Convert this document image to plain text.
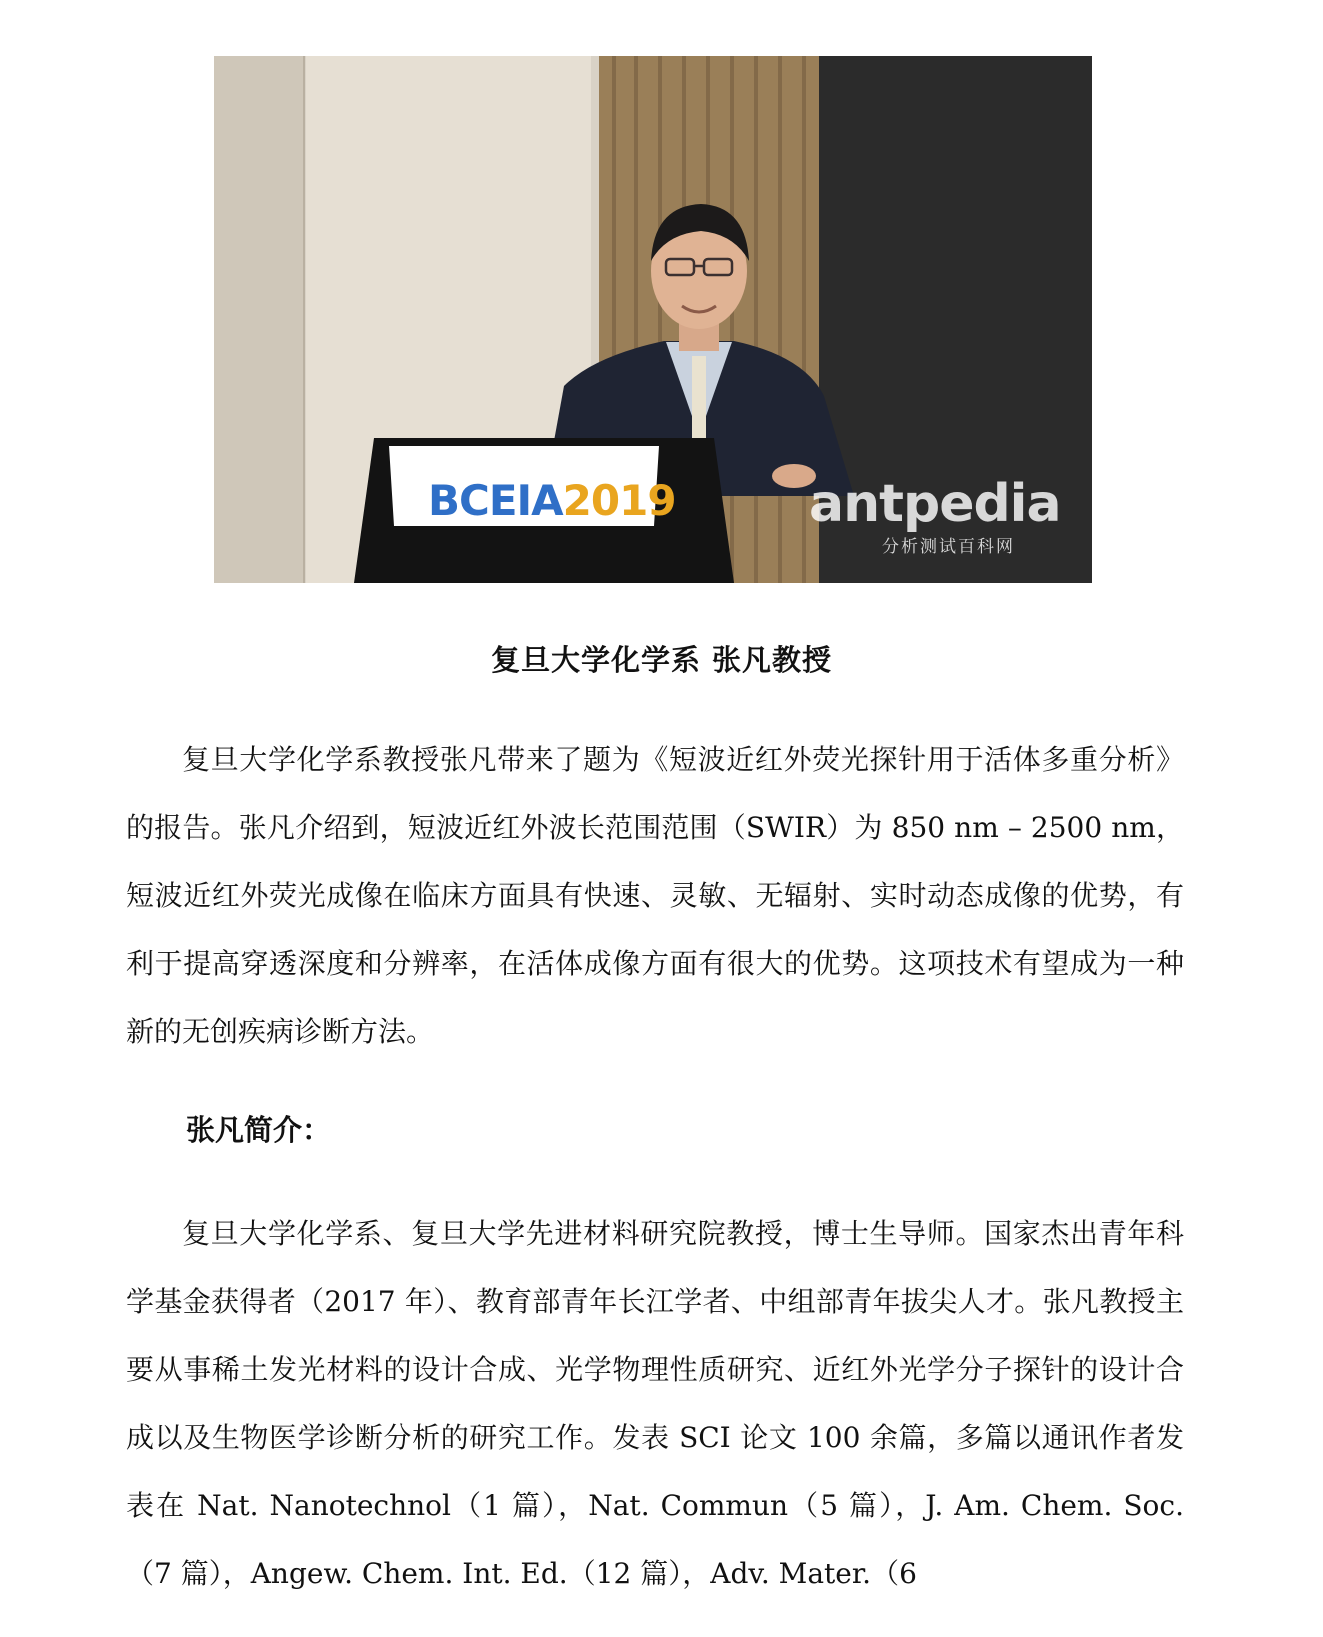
BCEIA2019	antpedia
分析测试百科网
复旦大学化学系 张凡教授

复旦大学化学系教授张凡带来了题为《短波近红外荧光探针用于活体多重分析》的报告。张凡介绍到，短波近红外波长范围范围（SWIR）为 850 nm – 2500 nm，短波近红外荧光成像在临床方面具有快速、灵敏、无辐射、实时动态成像的优势，有利于提高穿透深度和分辨率，在活体成像方面有很大的优势。这项技术有望成为一种新的无创疾病诊断方法。

张凡简介：

复旦大学化学系、复旦大学先进材料研究院教授，博士生导师。国家杰出青年科学基金获得者（2017 年）、教育部青年长江学者、中组部青年拔尖人才。张凡教授主要从事稀土发光材料的设计合成、光学物理性质研究、近红外光学分子探针的设计合成以及生物医学诊断分析的研究工作。发表 SCI 论文 100 余篇，多篇以通讯作者发表在 Nat. Nanotechnol（1 篇），Nat. Commun（5 篇），J. Am. Chem. Soc.（7 篇），Angew. Chem. Int. Ed.（12 篇），Adv. Mater.（6
